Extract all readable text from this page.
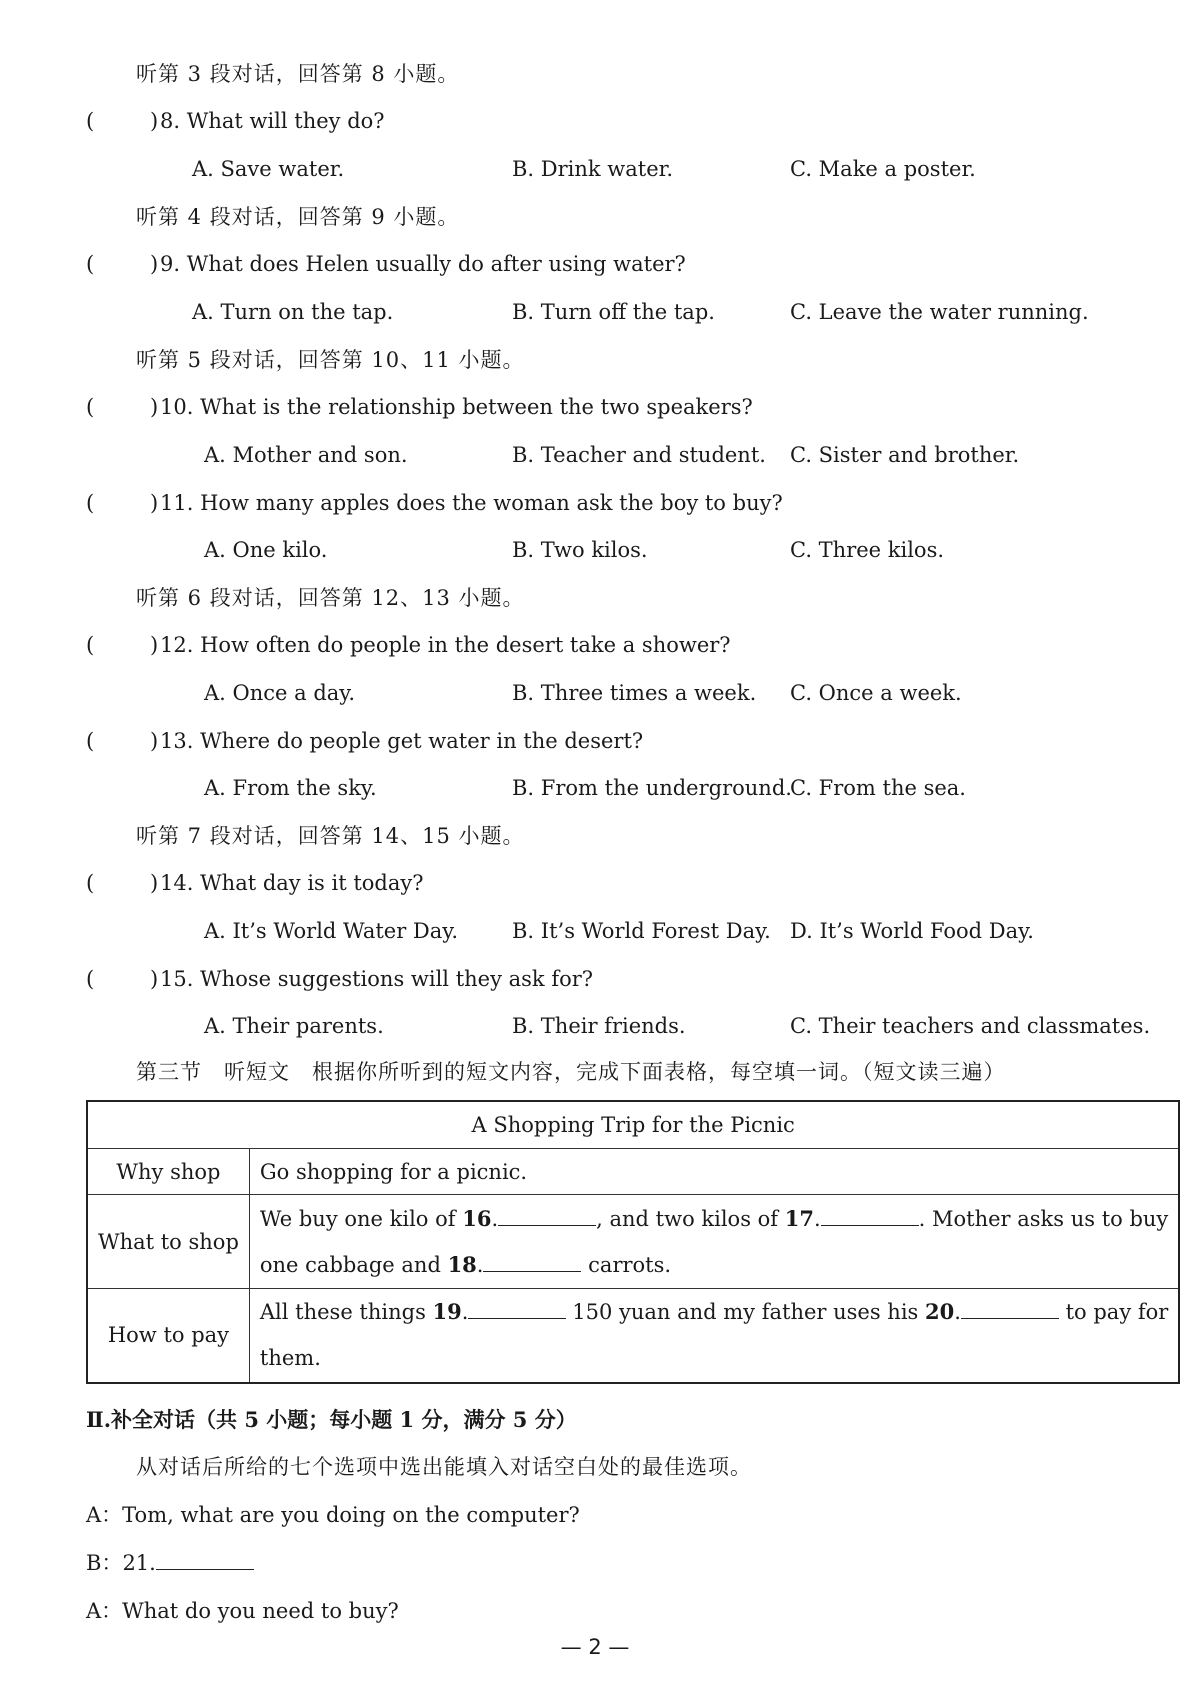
听第 3 段对话，回答第 8 小题。
(	) 8. What will they do?
A. Save water.	B. Drink water.	C. Make a poster.
听第 4 段对话，回答第 9 小题。
(	) 9. What does Helen usually do after using water?
A. Turn on the tap.	B. Turn off the tap.	C. Leave the water running.
听第 5 段对话，回答第 10、11 小题。
(	) 10. What is the relationship between the two speakers?
A. Mother and son.	B. Teacher and student. C. Sister and brother.
(	) 11. How many apples does the woman ask the boy to buy?
A. One kilo.	B. Two kilos.	C. Three kilos.
听第 6 段对话，回答第 12、13 小题。
(	) 12. How often do people in the desert take a shower?
A. Once a day.	B. Three times a week. C. Once a week.
(	) 13. Where do people get water in the desert?
A. From the sky.	B. From the underground.
C. From the sea.
听第 7 段对话，回答第 14、15 小题。
(	) 14. What day is it today?
A. It’s World Water Day.	B. It’s World Forest Day. D. It’s World Food Day.
(	) 15. Whose suggestions will they ask for?
A. Their parents.	B. Their friends.	C. Their teachers and classmates.
第三节　听短文　根据你所听到的短文内容，完成下面表格，每空填一词。（短文读三遍）
A Shopping Trip for the Picnic	
Why shop	Go shopping for a picnic.
What to shop	We buy one kilo of 16. , and two kilos of 17. . Mother asks us to buy
one cabbage and 18. carrots.

How to pay	All these things 19. 150 yuan and my father uses his 20. to pay for
them.
Ⅱ.补全对话（共 5 小题；每小题 1 分，满分 5 分）
从对话后所给的七个选项中选出能填入对话空白处的最佳选项。
A：Tom, what are you doing on the computer?
B：21.
A：What do you need to buy?
— 2 —
